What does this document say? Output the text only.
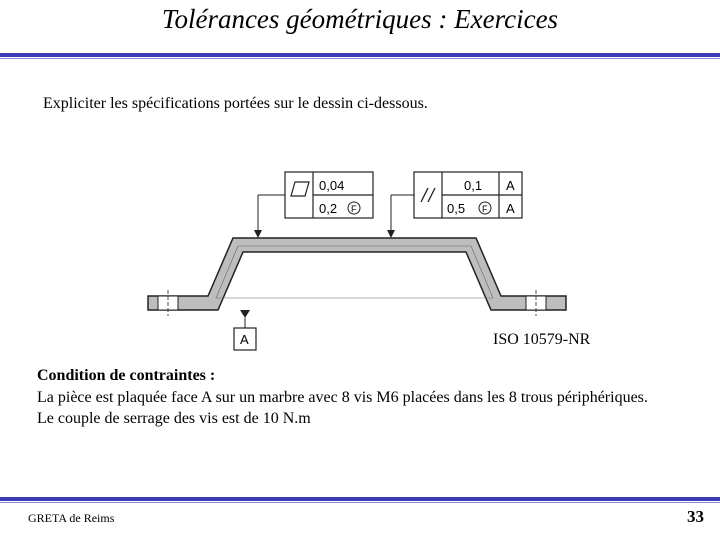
Tolérances géométriques : Exercices
Expliciter les spécifications portées sur le dessin ci-dessous.
0,04
0,2 F
0,1 A
0,5 F A
A	ISO 10579-NR
Condition de contraintes :
La pièce est plaquée face A sur un marbre avec 8 vis M6 placées dans les 8 trous périphériques. Le couple de serrage des vis est de 10 N.m
GRETA de Reims	33
